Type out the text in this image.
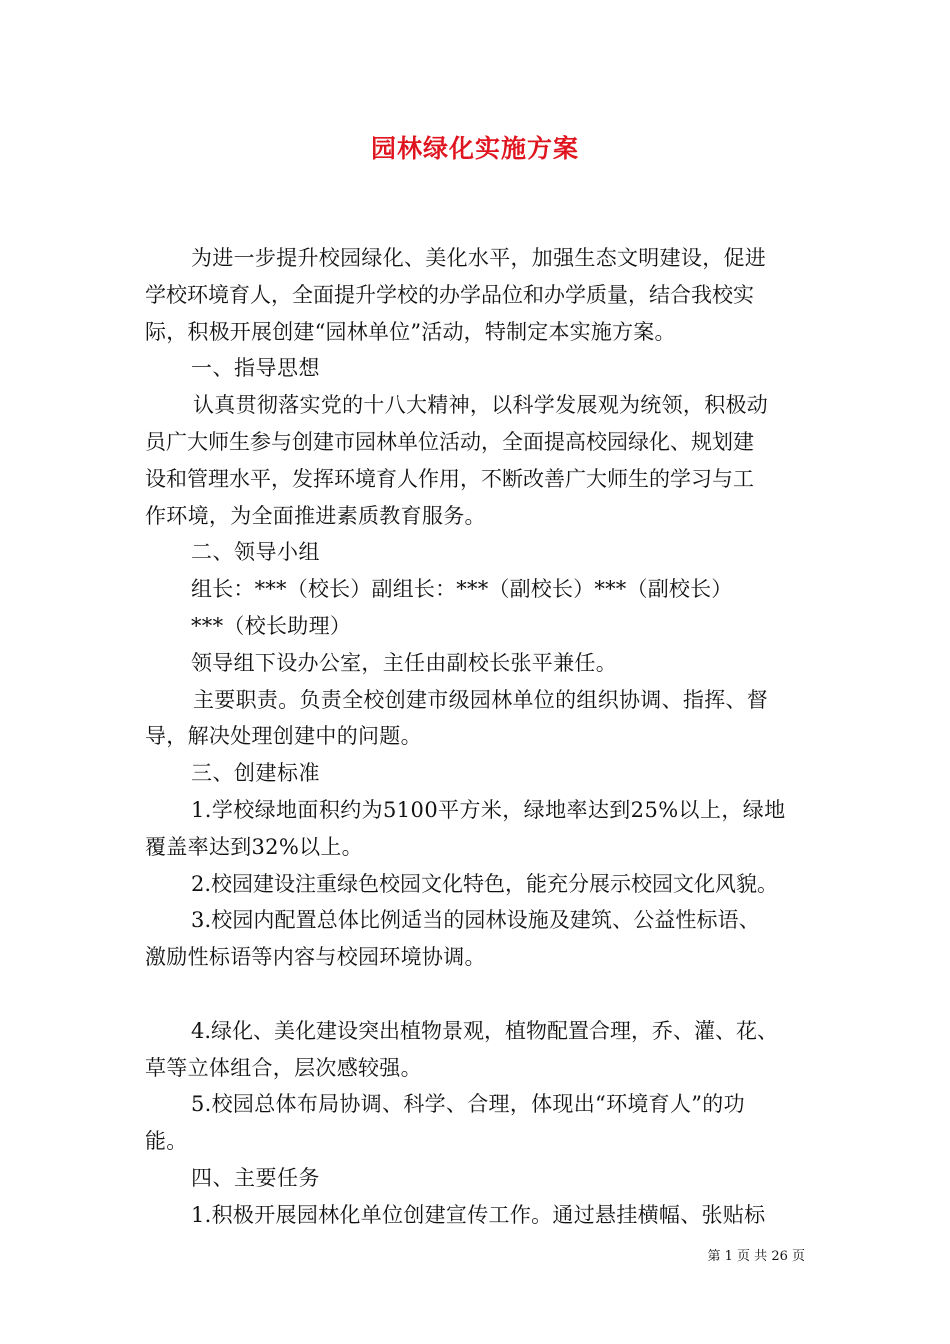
园林绿化实施方案
为进一步提升校园绿化、美化水平，加强生态文明建设，促进
学校环境育人，全面提升学校的办学品位和办学质量，结合我校实
际，积极开展创建“园林单位”活动，特制定本实施方案。
一、指导思想
认真贯彻落实党的十八大精神，以科学发展观为统领，积极动
员广大师生参与创建市园林单位活动，全面提高校园绿化、规划建
设和管理水平，发挥环境育人作用，不断改善广大师生的学习与工
作环境，为全面推进素质教育服务。
二、领导小组
组长：***（校长）副组长：***（副校长）***（副校长）
***（校长助理）
领导组下设办公室，主任由副校长张平兼任。
主要职责。负责全校创建市级园林单位的组织协调、指挥、督
导，解决处理创建中的问题。
三、创建标准
1.学校绿地面积约为5100平方米，绿地率达到25%以上，绿地
覆盖率达到32%以上。
2.校园建设注重绿色校园文化特色，能充分展示校园文化风貌。
3.校园内配置总体比例适当的园林设施及建筑、公益性标语、
激励性标语等内容与校园环境协调。
4.绿化、美化建设突出植物景观，植物配置合理，乔、灌、花、
草等立体组合，层次感较强。
5.校园总体布局协调、科学、合理，体现出“环境育人”的功
能。
四、主要任务
1.积极开展园林化单位创建宣传工作。通过悬挂横幅、张贴标
第 1 页 共 26 页
